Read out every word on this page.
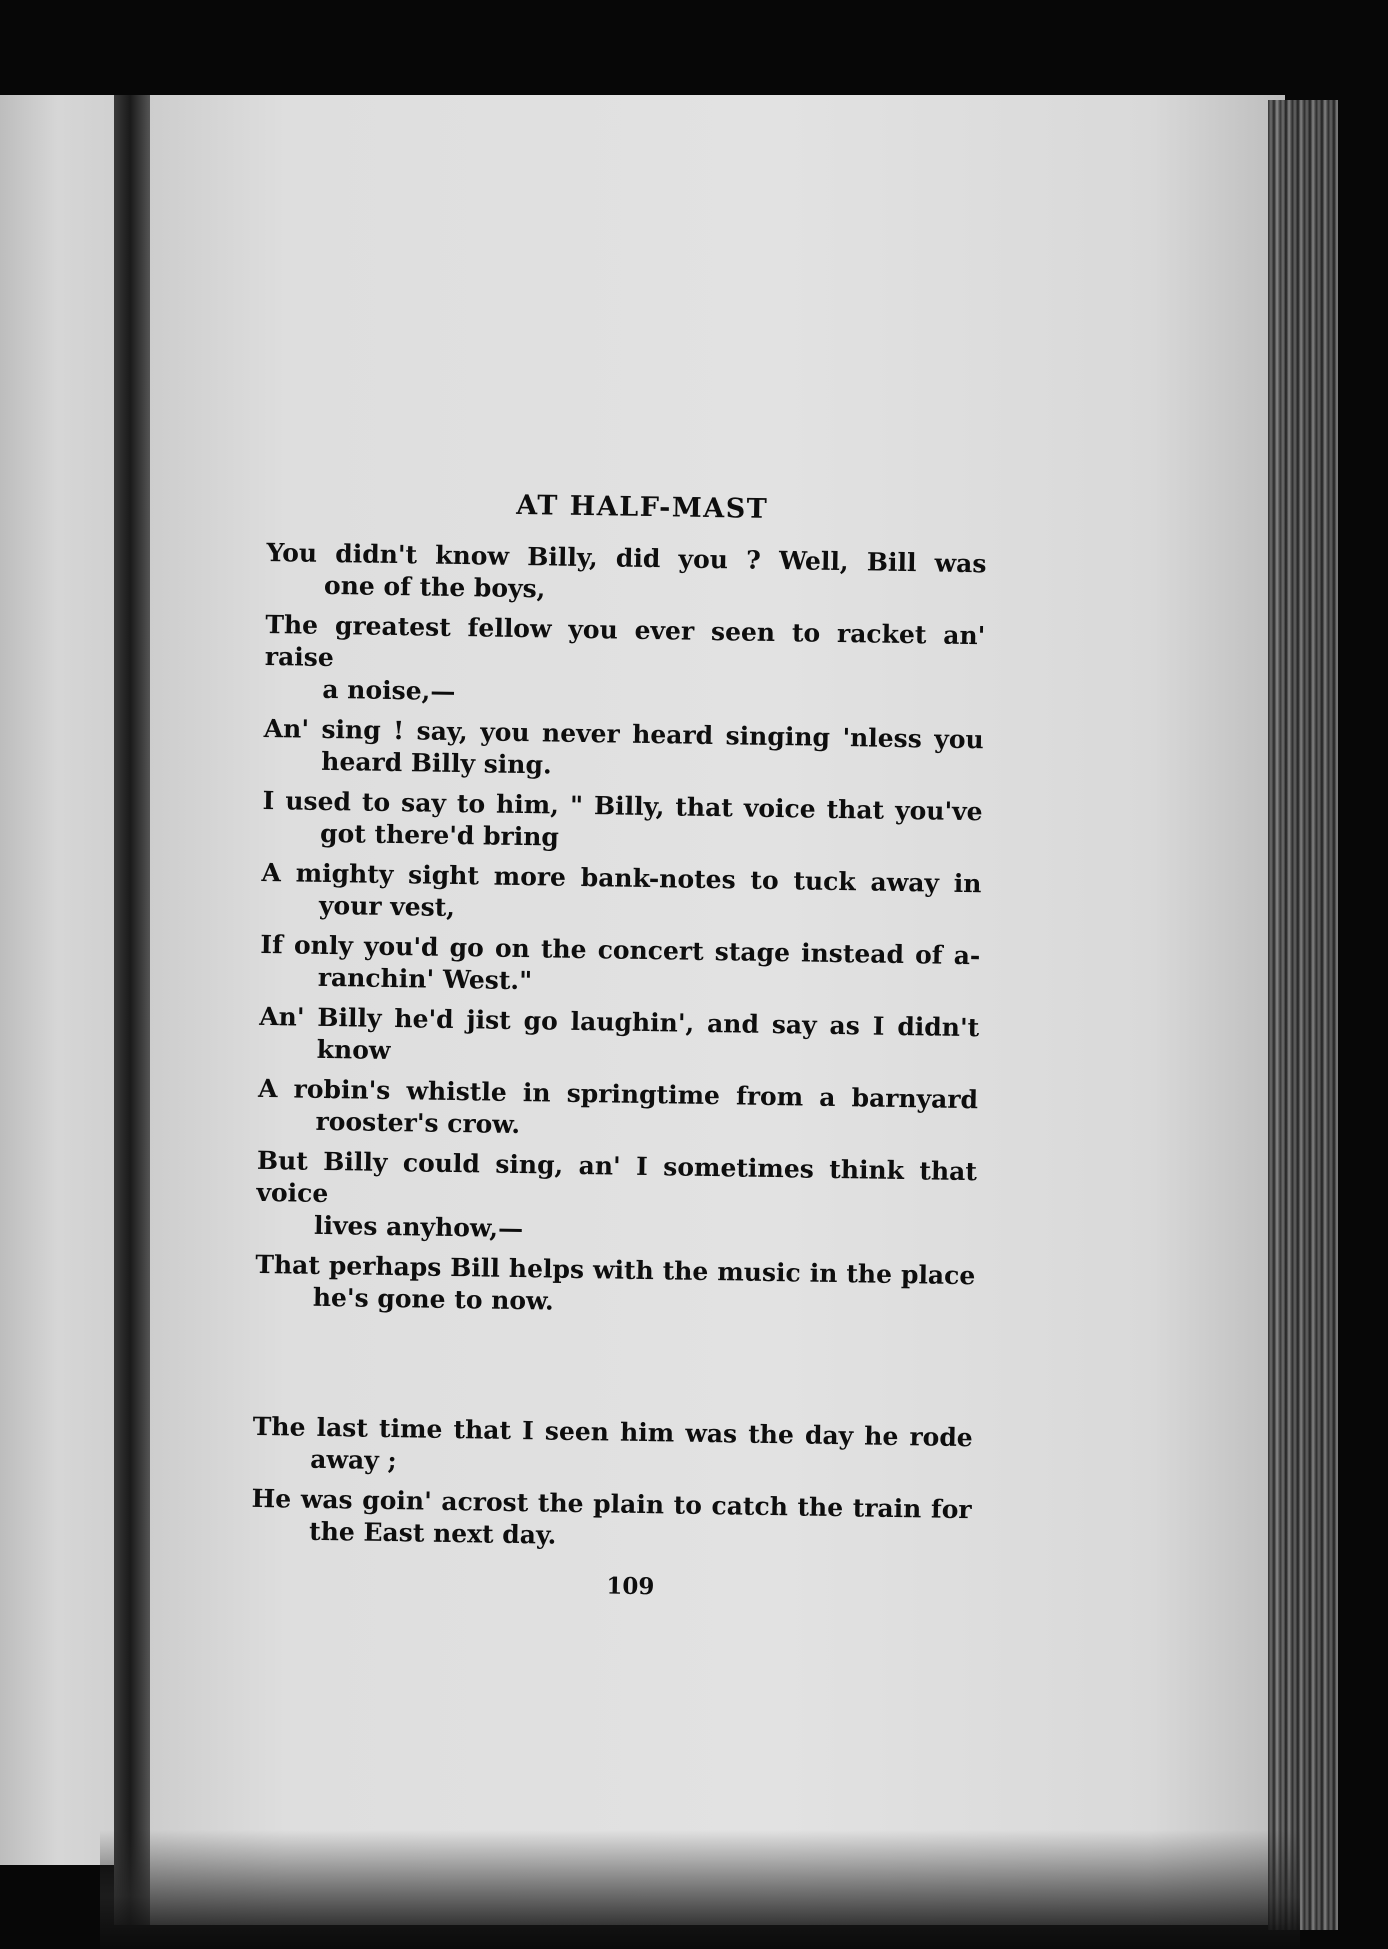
AT HALF-MAST
You didn't know Billy, did you ? Well, Bill was
one of the boys,
The greatest fellow you ever seen to racket an' raise
a noise,—
An' sing ! say, you never heard singing 'nless you
heard Billy sing.
I used to say to him, " Billy, that voice that you've
got there'd bring
A mighty sight more bank-notes to tuck away in
your vest,
If only you'd go on the concert stage instead of a-
ranchin' West."
An' Billy he'd jist go laughin', and say as I didn't
know
A robin's whistle in springtime from a barnyard
rooster's crow.
But Billy could sing, an' I sometimes think that voice
lives anyhow,—
That perhaps Bill helps with the music in the place
he's gone to now.
The last time that I seen him was the day he rode
away ;
He was goin' acrost the plain to catch the train for
the East next day.
109
